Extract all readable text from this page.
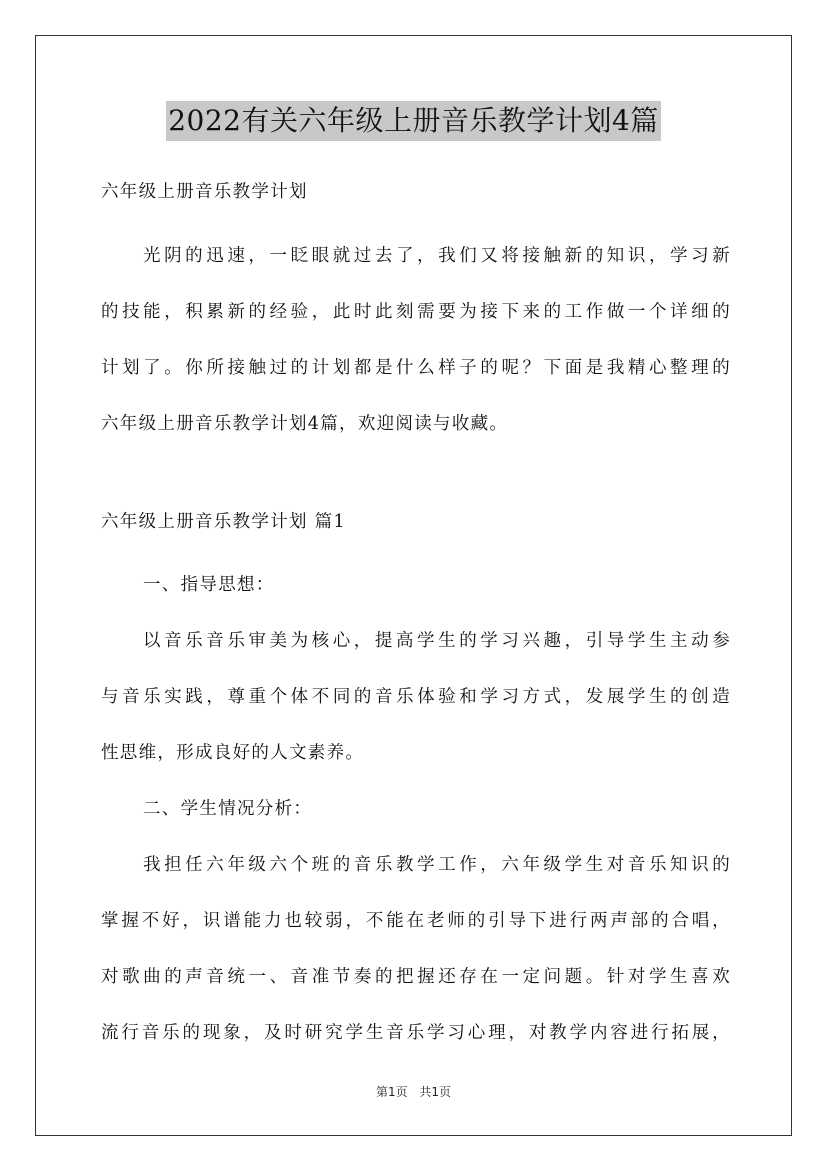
2022有关六年级上册音乐教学计划4篇
六年级上册音乐教学计划
光阴的迅速，一眨眼就过去了，我们又将接触新的知识，学习新
的技能，积累新的经验，此时此刻需要为接下来的工作做一个详细的
计划了。你所接触过的计划都是什么样子的呢？下面是我精心整理的
六年级上册音乐教学计划4篇，欢迎阅读与收藏。
六年级上册音乐教学计划 篇1
一、指导思想：
以音乐音乐审美为核心，提高学生的学习兴趣，引导学生主动参
与音乐实践，尊重个体不同的音乐体验和学习方式，发展学生的创造
性思维，形成良好的人文素养。
二、学生情况分析：
我担任六年级六个班的音乐教学工作，六年级学生对音乐知识的
掌握不好，识谱能力也较弱，不能在老师的引导下进行两声部的合唱，
对歌曲的声音统一、音准节奏的把握还存在一定问题。针对学生喜欢
流行音乐的现象，及时研究学生音乐学习心理，对教学内容进行拓展，
第1页 共1页
